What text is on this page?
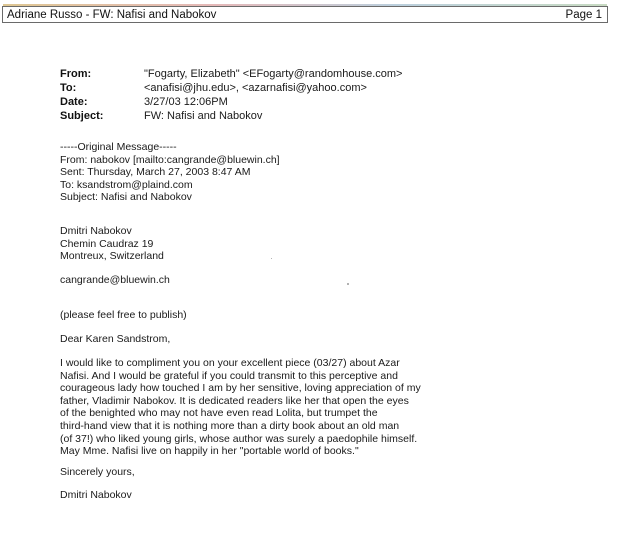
Adriane Russo - FW: Nafisi and Nabokov	Page 1
From:	"Fogarty, Elizabeth" <EFogarty@randomhouse.com>
To:	<anafisi@jhu.edu>, <azarnafisi@yahoo.com>
Date:	3/27/03 12:06PM
Subject:	FW: Nafisi and Nabokov
-----Original Message-----
From: nabokov [mailto:cangrande@bluewin.ch]
Sent: Thursday, March 27, 2003 8:47 AM
To: ksandstrom@plaind.com
Subject: Nafisi and Nabokov
Dmitri Nabokov
Chemin Caudraz 19
Montreux, Switzerland
cangrande@bluewin.ch
(please feel free to publish)
Dear Karen Sandstrom,
I would like to compliment you on your excellent piece (03/27) about Azar
Nafisi. And I would be grateful if you could transmit to this perceptive and
courageous lady how touched I am by her sensitive, loving appreciation of my
father, Vladimir Nabokov. It is dedicated readers like her that open the eyes
of the benighted who may not have even read Lolita, but trumpet the
third-hand view that it is nothing more than a dirty book about an old man
(of 37!) who liked young girls, whose author was surely a paedophile himself.
May Mme. Nafisi live on happily in her "portable world of books."
Sincerely yours,
Dmitri Nabokov
